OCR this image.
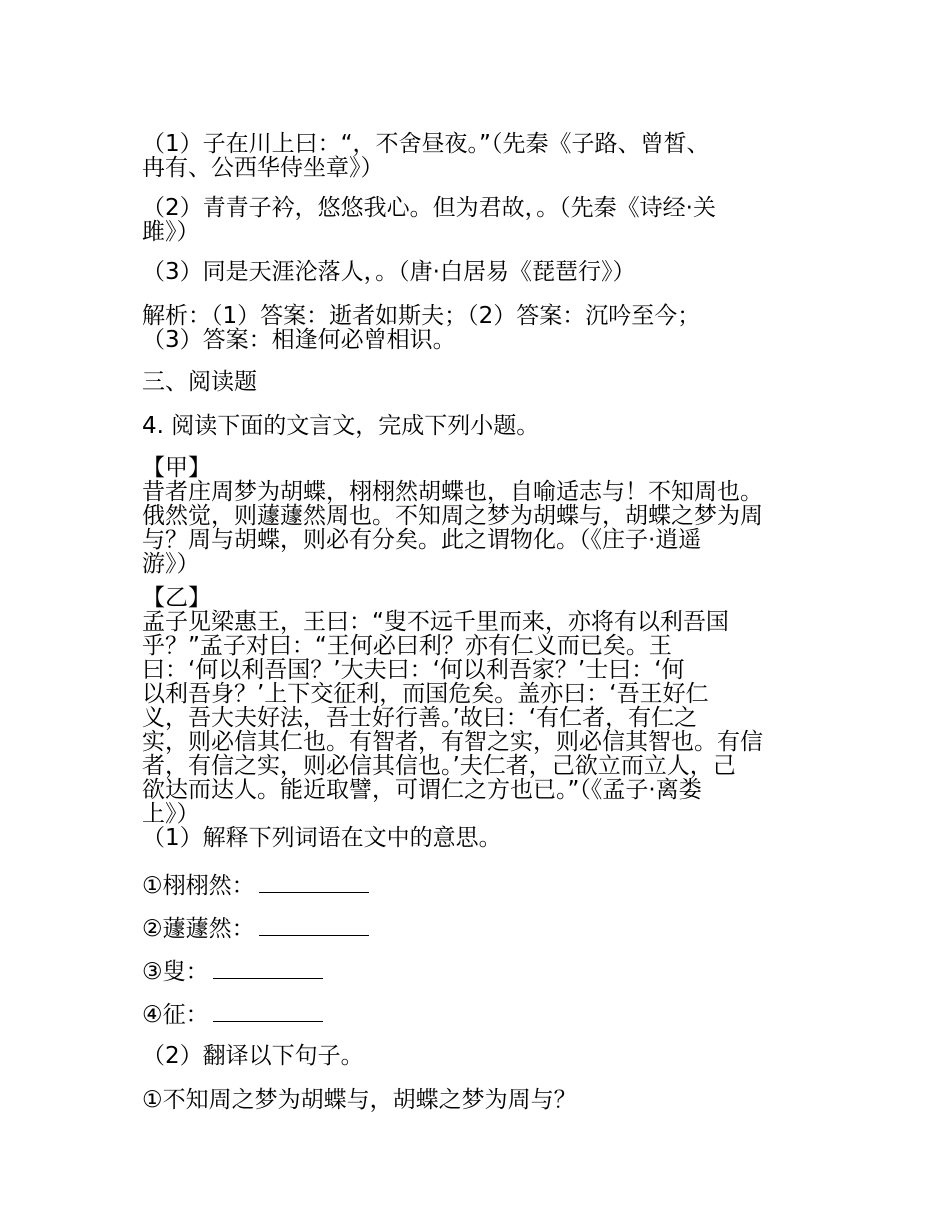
（1）子在川上曰：“，不舍昼夜。”（先秦《子路、曾皙、
冉有、公西华侍坐章》）
（2）青青子衿，悠悠我心。但为君故，。（先秦《诗经·关
雎》）
（3）同是天涯沦落人，。（唐·白居易《琵琶行》）
解析：（1）答案：逝者如斯夫；（2）答案：沉吟至今；
（3）答案：相逢何必曾相识。
三、阅读题
4. 阅读下面的文言文，完成下列小题。
【甲】
昔者庄周梦为胡蝶，栩栩然胡蝶也，自喻适志与！不知周也。
俄然觉，则蘧蘧然周也。不知周之梦为胡蝶与，胡蝶之梦为周
与？周与胡蝶，则必有分矣。此之谓物化。（《庄子·逍遥
游》）
【乙】
孟子见梁惠王，王曰：“叟不远千里而来，亦将有以利吾国
乎？”孟子对曰：“王何必曰利？亦有仁义而已矣。王
曰：‘何以利吾国？’大夫曰：‘何以利吾家？’士曰：‘何
以利吾身？’上下交征利，而国危矣。盖亦曰：‘吾王好仁
义，吾大夫好法，吾士好行善。’故曰：‘有仁者，有仁之
实，则必信其仁也。有智者，有智之实，则必信其智也。有信
者，有信之实，则必信其信也。’夫仁者，己欲立而立人，己
欲达而达人。能近取譬，可谓仁之方也已。”（《孟子·离娄
上》）
（1）解释下列词语在文中的意思。
①栩栩然：
②蘧蘧然：
③叟：
④征：
（2）翻译以下句子。
①不知周之梦为胡蝶与，胡蝶之梦为周与？
